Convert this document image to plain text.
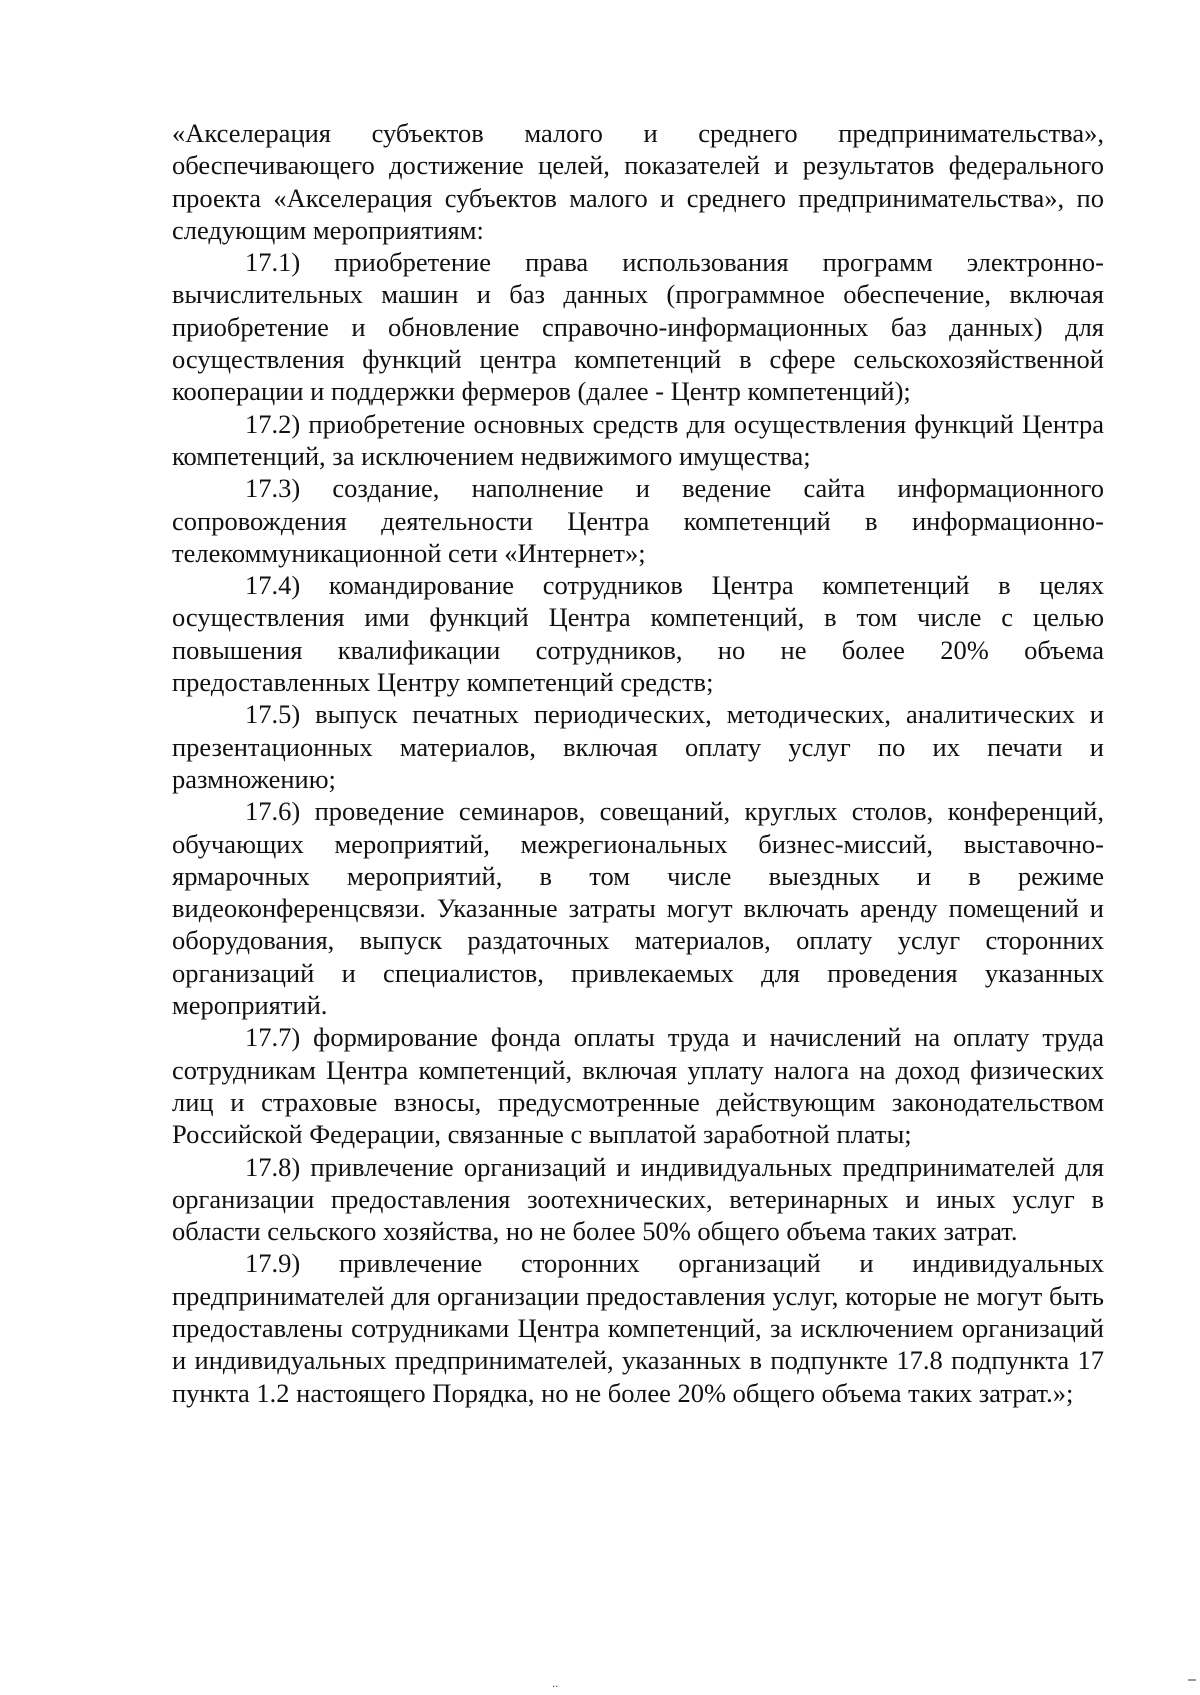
«Акселерация субъектов малого и среднего предпринимательства», обеспечивающего достижение целей, показателей и результатов федерального проекта «Акселерация субъектов малого и среднего предпринимательства», по следующим мероприятиям:

17.1) приобретение права использования программ электронно-вычислительных машин и баз данных (программное обеспечение, включая приобретение и обновление справочно-информационных баз данных) для осуществления функций центра компетенций в сфере сельскохозяйственной кооперации и поддержки фермеров (далее - Центр компетенций);

17.2) приобретение основных средств для осуществления функций Центра компетенций, за исключением недвижимого имущества;

17.3) создание, наполнение и ведение сайта информационного сопровождения деятельности Центра компетенций в информационно-телекоммуникационной сети «Интернет»;

17.4) командирование сотрудников Центра компетенций в целях осуществления ими функций Центра компетенций, в том числе с целью повышения квалификации сотрудников, но не более 20% объема предоставленных Центру компетенций средств;

17.5) выпуск печатных периодических, методических, аналитических и презентационных материалов, включая оплату услуг по их печати и размножению;

17.6) проведение семинаров, совещаний, круглых столов, конференций, обучающих мероприятий, межрегиональных бизнес-миссий, выставочно-ярмарочных мероприятий, в том числе выездных и в режиме видеоконференцсвязи. Указанные затраты могут включать аренду помещений и оборудования, выпуск раздаточных материалов, оплату услуг сторонних организаций и специалистов, привлекаемых для проведения указанных мероприятий.

17.7) формирование фонда оплаты труда и начислений на оплату труда сотрудникам Центра компетенций, включая уплату налога на доход физических лиц и страховые взносы, предусмотренные действующим законодательством Российской Федерации, связанные с выплатой заработной платы;

17.8) привлечение организаций и индивидуальных предпринимателей для организации предоставления зоотехнических, ветеринарных и иных услуг в области сельского хозяйства, но не более 50% общего объема таких затрат.

17.9) привлечение сторонних организаций и индивидуальных предпринимателей для организации предоставления услуг, которые не могут быть предоставлены сотрудниками Центра компетенций, за исключением организаций и индивидуальных предпринимателей, указанных в подпункте 17.8 подпункта 17 пункта 1.2 настоящего Порядка, но не более 20% общего объема таких затрат.»;

..
